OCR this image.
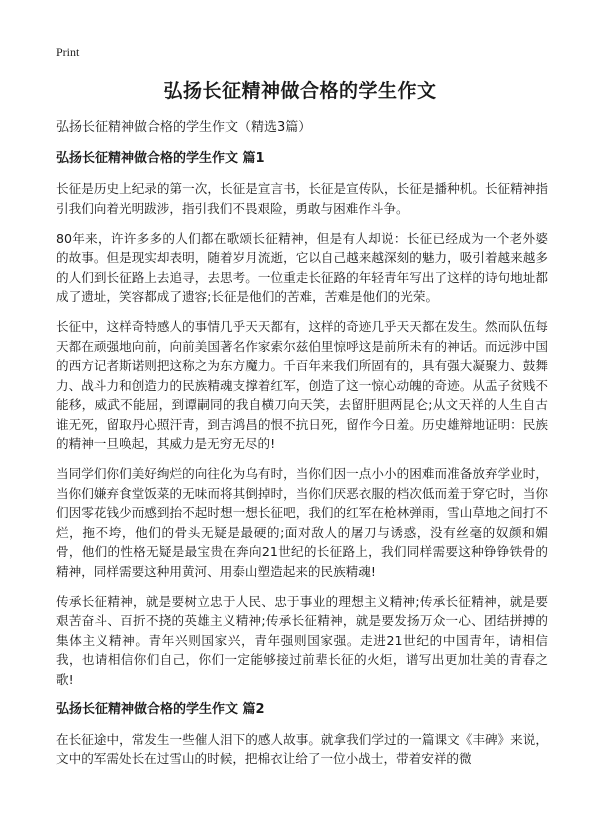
Print
弘扬长征精神做合格的学生作文

弘扬长征精神做合格的学生作文（精选3篇）

弘扬长征精神做合格的学生作文 篇1

长征是历史上纪录的第一次，长征是宣言书，长征是宣传队，长征是播种机。长征精神指引我们向着光明跋涉，指引我们不畏艰险，勇敢与困难作斗争。

80年来，许许多多的人们都在歌颂长征精神，但是有人却说：长征已经成为一个老外婆的故事。但是现实却表明，随着岁月流逝，它以自己越来越深刻的魅力，吸引着越来越多的人们到长征路上去追寻，去思考。一位重走长征路的年轻青年写出了这样的诗句地址都成了遗址，笑容都成了遗容;长征是他们的苦难，苦难是他们的光荣。

长征中，这样奇特感人的事情几乎天天都有，这样的奇迹几乎天天都在发生。然而队伍每天都在顽强地向前，向前美国著名作家索尔兹伯里惊呼这是前所未有的神话。而远涉中国的西方记者斯诺则把这称之为东方魔力。千百年来我们所固有的，具有强大凝聚力、鼓舞力、战斗力和创造力的民族精魂支撑着红军，创造了这一惊心动魄的奇迹。从盂子贫贱不能移，威武不能屈，到谭嗣同的我自横刀向天笑，去留肝胆两昆仑;从文天祥的人生自古谁无死，留取丹心照汗青，到吉鸿昌的恨不抗日死，留作今日羞。历史雄辩地证明：民族的精神一旦唤起，其威力是无穷无尽的!

当同学们你们美好绚烂的向往化为乌有时，当你们因一点小小的困难而准备放弃学业时，当你们嫌弃食堂饭菜的无味而将其倒掉时，当你们厌恶衣服的档次低而羞于穿它时，当你们因零花钱少而感到抬不起时想一想长征吧，我们的红军在枪林弹雨，雪山草地之间打不烂，拖不垮，他们的骨头无疑是最硬的;面对敌人的屠刀与诱惑，没有丝毫的奴颜和媚骨，他们的性格无疑是最宝贵在奔向21世纪的长征路上，我们同样需要这种铮铮铁骨的精神，同样需要这种用黄河、用泰山塑造起来的民族精魂!

传承长征精神，就是要树立忠于人民、忠于事业的理想主义精神;传承长征精神，就是要艰苦奋斗、百折不挠的英雄主义精神;传承长征精神，就是要发扬万众一心、团结拼搏的集体主义精神。青年兴则国家兴，青年强则国家强。走进21世纪的中国青年，请相信我，也请相信你们自己，你们一定能够接过前辈长征的火炬，谱写出更加壮美的青春之歌!

弘扬长征精神做合格的学生作文 篇2

在长征途中，常发生一些催人泪下的感人故事。就拿我们学过的一篇课文《丰碑》来说，文中的军需处长在过雪山的时候，把棉衣让给了一位小战士，带着安祥的微
